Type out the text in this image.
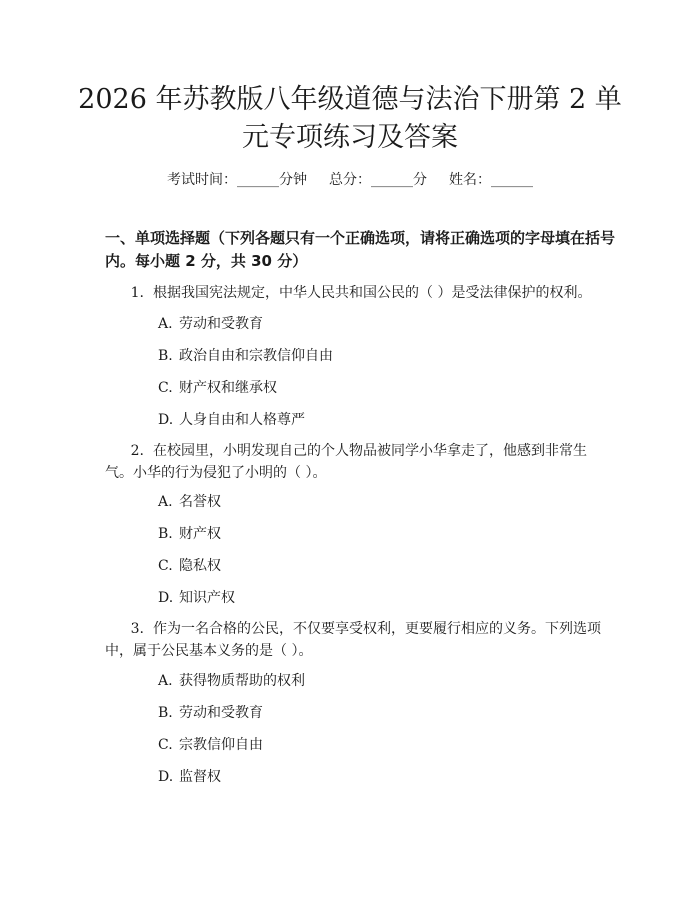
2026 年苏教版八年级道德与法治下册第 2 单
元专项练习及答案
考试时间：______分钟 总分：______分 姓名：______
一、单项选择题（下列各题只有一个正确选项，请将正确选项的字母填在括号
内。每小题 2 分，共 30 分）
1. 根据我国宪法规定，中华人民共和国公民的（ ）是受法律保护的权利。
A. 劳动和受教育
B. 政治自由和宗教信仰自由
C. 财产权和继承权
D. 人身自由和人格尊严
2. 在校园里，小明发现自己的个人物品被同学小华拿走了，他感到非常生
气。小华的行为侵犯了小明的（ ）。
A. 名誉权
B. 财产权
C. 隐私权
D. 知识产权
3. 作为一名合格的公民，不仅要享受权利，更要履行相应的义务。下列选项
中，属于公民基本义务的是（ ）。
A. 获得物质帮助的权利
B. 劳动和受教育
C. 宗教信仰自由
D. 监督权
